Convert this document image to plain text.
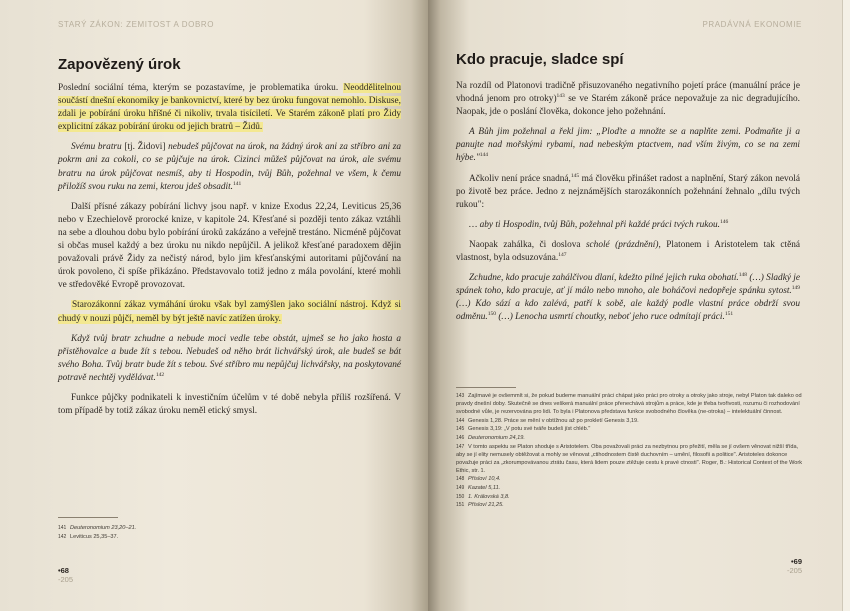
STARÝ ZÁKON: ZEMITOST A DOBRO
Zapovězený úrok

Poslední sociální téma, kterým se pozastavíme, je problematika úroku. Neoddělitelnou součástí dnešní ekonomiky je bankovnictví, které by bez úroku fungovat nemohlo. Diskuse, zdali je pobírání úroku hříšné či nikoliv, trvala tisíciletí. Ve Starém zákoně platí pro Židy explicitní zákaz pobírání úroku od jejich bratrů – Židů.

Svému bratru [tj. Židovi] nebudeš půjčovat na úrok, na žádný úrok ani za stříbro ani za pokrm ani za cokoli, co se půjčuje na úrok. Cizinci můžeš půjčovat na úrok, ale svému bratru na úrok půjčovat nesmíš, aby ti Hospodin, tvůj Bůh, požehnal ve všem, k čemu přiložíš svou ruku na zemi, kterou jdeš obsadit.$^{141}$

Další přísné zákazy pobírání lichvy jsou např. v knize Exodus 22,24, Leviticus 25,36 nebo v Ezechielově prorocké knize, v kapitole 24. Křesťané si později tento zákaz vztáhli na sebe a dlouhou dobu bylo pobírání úroků zakázáno a veřejně trestáno. Nicméně půjčovat si občas musel každý a bez úroku nu nikdo nepůjčil. A jelikož křesťané paradoxem dějin považovali právě Židy za nečistý národ, bylo jim křesťanskými autoritami půjčování na úrok povoleno, či spíše přikázáno. Představovalo totiž jedno z mála povolání, které mohli ve středověké Evropě provozovat.

Starozákonní zákaz vymáhání úroku však byl zamýšlen jako sociální nástroj. Když si chudý v nouzi půjčí, neměl by být ještě navíc zatížen úroky.

Když tvůj bratr zchudne a nebude moci vedle tebe obstát, ujmeš se ho jako hosta a přistěhovalce a bude žít s tebou. Nebudeš od něho brát lichvářský úrok, ale budeš se bát svého Boha. Tvůj bratr bude žít s tebou. Své stříbro mu nepůjčuj lichvářsky, na poskytované potravě nechtěj vydělávat.$^{142}$

Funkce půjčky podnikateli k investičním účelům v té době nebyla příliš rozšířená. V tom případě by totiž zákaz úroku neměl etický smysl.

141 Deuteronomium 23,20–21.

142 Leviticus 25,35–37.

•68
-205
PRADÁVNÁ EKONOMIE
Kdo pracuje, sladce spí

Na rozdíl od Platonovi tradičně přisuzovaného negativního pojetí práce (manuální práce je vhodná jenom pro otroky)$^{143}$ se ve Starém zákoně práce nepovažuje za nic degradujícího. Naopak, jde o poslání člověka, dokonce jeho požehnání.

A Bůh jim požehnal a řekl jim: „Ploďte a množte se a naplňte zemi. Podmaňte ji a panujte nad mořskými rybami, nad nebeským ptactvem, nad vším živým, co se na zemi hýbe."$^{144}$

Ačkoliv není práce snadná,$^{145}$ má člověku přinášet radost a naplnění, Starý zákon nevolá po životě bez práce. Jedno z nejznámějších starozákonních požehnání žehnalo „dílu tvých rukou":

… aby ti Hospodin, tvůj Bůh, požehnal při každé práci tvých rukou.$^{146}$

Naopak zahálka, či doslova scholé (prázdnění), Platonem i Aristotelem tak ctěná vlastnost, byla odsuzována.$^{147}$

Zchudne, kdo pracuje zahálčivou dlaní, kdežto pilné jejich ruka obohatí.$^{148}$ (…) Sladký je spánek toho, kdo pracuje, ať jí málo nebo mnoho, ale boháčovi nedopřeje spánku sytost.$^{149}$ (…) Kdo sází a kdo zalévá, patří k sobě, ale každý podle vlastní práce obdrží svou odměnu.$^{150}$ (…) Lenocha usmrtí choutky, neboť jeho ruce odmítají práci.$^{151}$

143 Zajímavé je ovšemmít si, že pokud budeme manuální práci chápat jako práci pro otroky a otroky jako stroje, nebyl Platon tak daleko od pravdy dnešní doby. Skutečně se dnes veškerá manuální práce přenechává strojům a práce, kde je třeba tvořivosti, rozumu či rozhodování svobodné vůle, je rezervována pro lidi. To byla i Platonova představa funkce svobodného člověka (ne-otroka) – intelektuální činnost.

144 Genesis 1,28. Práce se mění v obtížnou až po prokletí Genesis 3,19.

145 Genesis 3,19: „V potu své tváře budeš jíst chléb."

146 Deuteronomium 24,19.

147 V tomto aspektu se Platon shoduje s Aristotelem. Oba považovali práci za nezbytnou pro přežití, měla se jí ovšem věnovat nižší třída, aby se jí elity nemusely obtěžovat a mohly se věnovat „ctihodnostem čistě duchovním – umění, filosofii a politice". Aristoteles dokonce považuje práci za „zkorumpovávanou ztrátu času, která lidem pouze ztěžuje cestu k pravé ctnosti". Roger, B.: Historical Context of the Work Ethic, str. 1.

148 Přísloví 10,4.

149 Kazatel 5,11.

150 1. Královská 3,8.

151 Přísloví 21,25.

•69
-205
